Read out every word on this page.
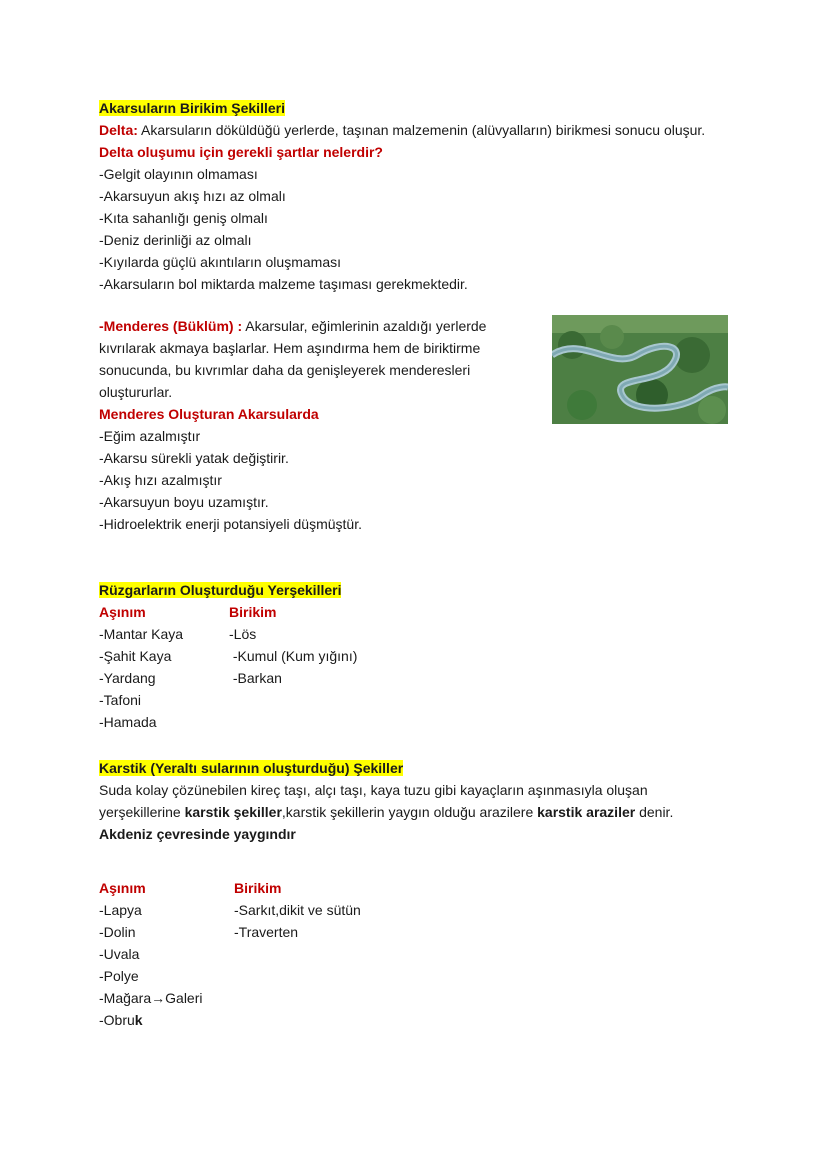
Akarsuların Birikim Şekilleri
Delta: Akarsuların döküldüğü yerlerde, taşınan malzemenin (alüvyalların) birikmesi sonucu oluşur.
Delta oluşumu için gerekli şartlar nelerdir?
-Gelgit olayının olmaması
-Akarsuyun akış hızı az olmalı
-Kıta sahanlığı geniş olmalı
-Deniz derinliği az olmalı
-Kıyılarda güçlü akıntıların oluşmaması
-Akarsuların bol miktarda malzeme taşıması gerekmektedir.
-Menderes (Büklüm) : Akarsular, eğimlerinin azaldığı yerlerde kıvrılarak akmaya başlarlar. Hem aşındırma hem de biriktirme sonucunda, bu kıvrımlar daha da genişleyerek menderesleri oluştururlar.
Menderes Oluşturan Akarsularda
-Eğim azalmıştır
-Akarsu sürekli yatak değiştirir.
-Akış hızı azalmıştır
-Akarsuyun boyu uzamıştır.
-Hidroelektrik enerji potansiyeli düşmüştür.
Rüzgarların Oluşturduğu Yerşekilleri
Aşınım
-Mantar Kaya
-Şahit Kaya
-Yardang
-Tafoni
-Hamada
Birikim
-Lös
-Kumul (Kum yığını)
-Barkan
Karstik (Yeraltı sularının oluşturduğu) Şekiller
Suda kolay çözünebilen kireç taşı, alçı taşı, kaya tuzu gibi kayaçların aşınmasıyla oluşan yerşekillerine karstik şekiller,karstik şekillerin yaygın olduğu arazilere karstik araziler denir.
Akdeniz çevresinde yaygındır
Aşınım
-Lapya
-Dolin
-Uvala
-Polye
-Mağara→Galeri
-Obruk
Birikim
-Sarkıt,dikit ve sütün
-Traverten
